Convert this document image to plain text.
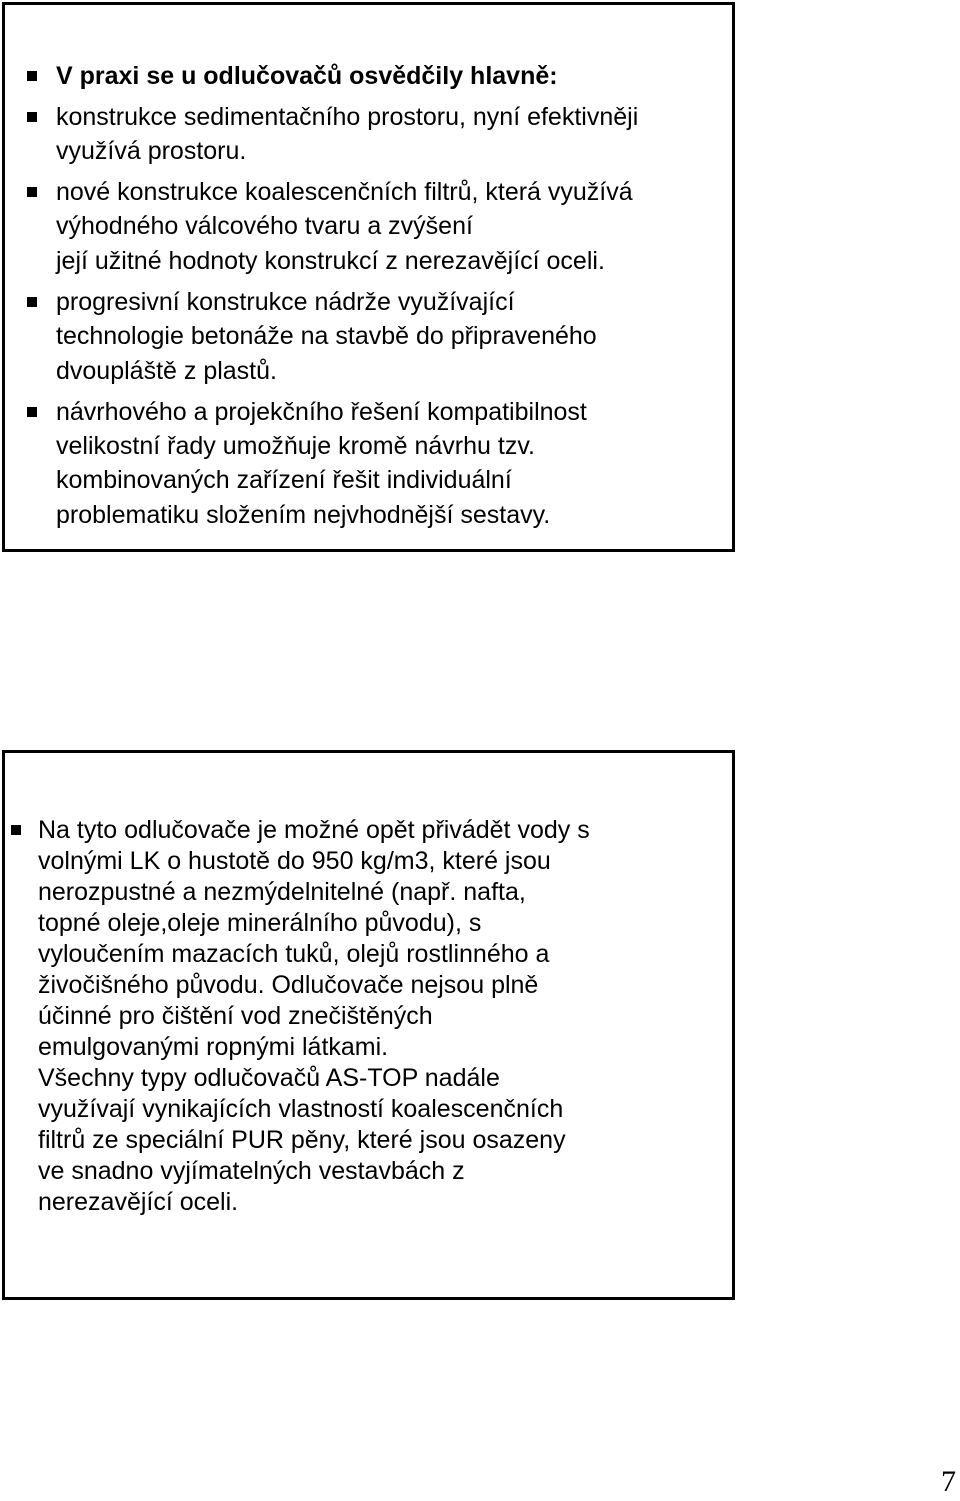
V praxi se u odlučovačů osvědčily hlavně:
konstrukce sedimentačního prostoru, nyní efektivněji
využívá prostoru.
nové konstrukce koalescenčních filtrů, která využívá
výhodného válcového tvaru a zvýšení
její užitné hodnoty konstrukcí z nerezavějící oceli.
progresivní konstrukce nádrže využívající
technologie betonáže na stavbě do připraveného
dvoupláště z plastů.
návrhového a projekčního řešení kompatibilnost
velikostní řady umožňuje kromě návrhu tzv.
kombinovaných zařízení řešit individuální
problematiku složením nejvhodnější sestavy.
Na tyto odlučovače je možné opět přivádět vody s
volnými LK o hustotě do 950 kg/m3, které jsou
nerozpustné a nezmýdelnitelné (např. nafta,
topné oleje,oleje minerálního původu), s
vyloučením mazacích tuků, olejů rostlinného a
živočišného původu. Odlučovače nejsou plně
účinné pro čištění vod znečištěných
emulgovanými ropnými látkami.
Všechny typy odlučovačů AS-TOP nadále
využívají vynikajících vlastností koalescenčních
filtrů ze speciální PUR pěny, které jsou osazeny
ve snadno vyjímatelných vestavbách z
nerezavějící oceli.
7
